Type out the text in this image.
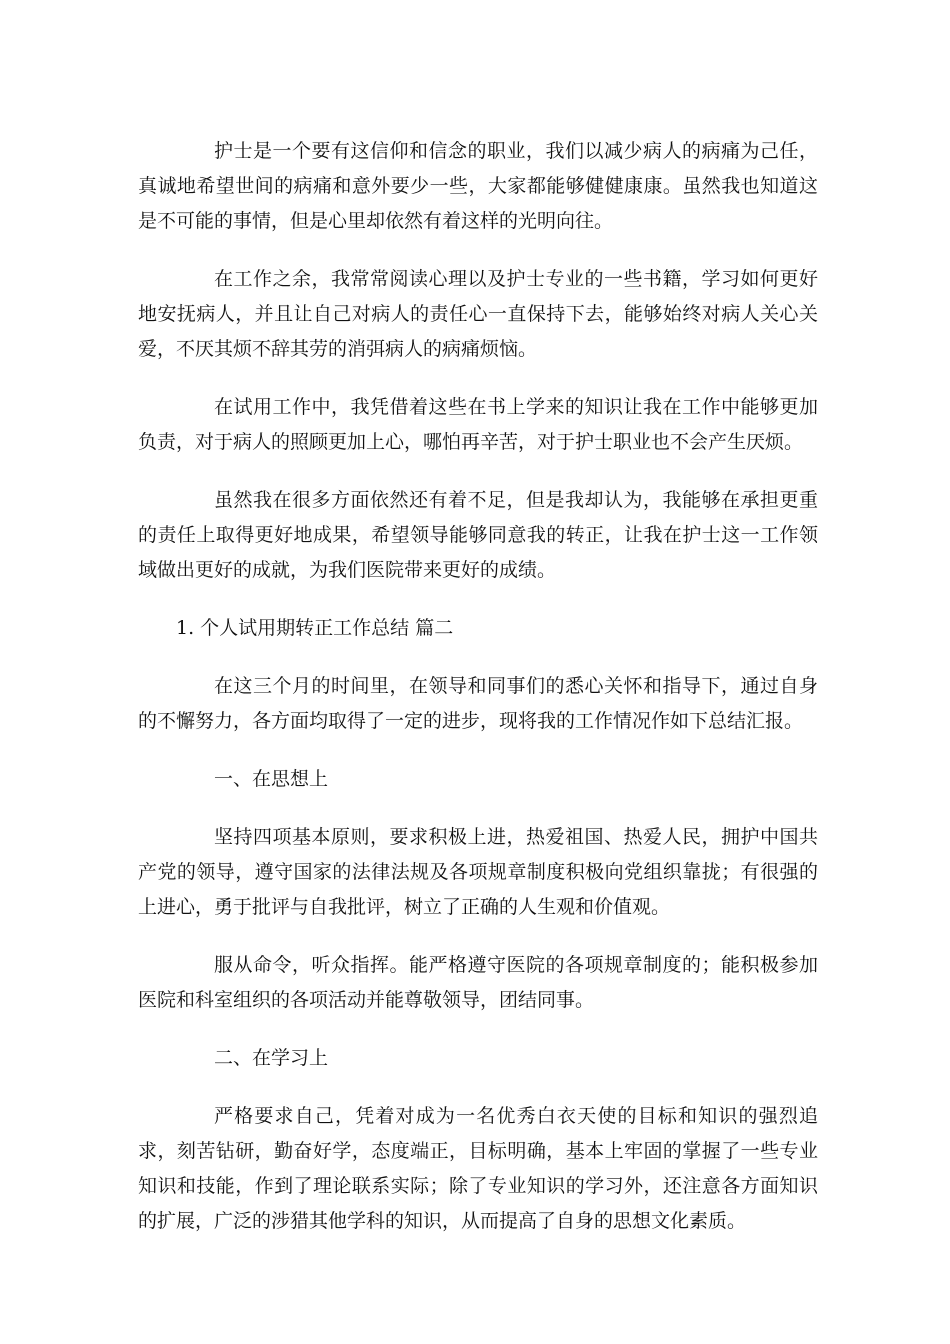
护士是一个要有这信仰和信念的职业，我们以减少病人的病痛为己任，真诚地希望世间的病痛和意外要少一些，大家都能够健健康康。虽然我也知道这是不可能的事情，但是心里却依然有着这样的光明向往。

在工作之余，我常常阅读心理以及护士专业的一些书籍，学习如何更好地安抚病人，并且让自己对病人的责任心一直保持下去，能够始终对病人关心关爱，不厌其烦不辞其劳的消弭病人的病痛烦恼。

在试用工作中，我凭借着这些在书上学来的知识让我在工作中能够更加负责，对于病人的照顾更加上心，哪怕再辛苦，对于护士职业也不会产生厌烦。

虽然我在很多方面依然还有着不足，但是我却认为，我能够在承担更重的责任上取得更好地成果，希望领导能够同意我的转正，让我在护士这一工作领域做出更好的成就，为我们医院带来更好的成绩。

1. 个人试用期转正工作总结 篇二

在这三个月的时间里，在领导和同事们的悉心关怀和指导下，通过自身的不懈努力，各方面均取得了一定的进步，现将我的工作情况作如下总结汇报。

一、在思想上

坚持四项基本原则，要求积极上进，热爱祖国、热爱人民，拥护中国共产党的领导，遵守国家的法律法规及各项规章制度积极向党组织靠拢；有很强的上进心，勇于批评与自我批评，树立了正确的人生观和价值观。

服从命令，听众指挥。能严格遵守医院的各项规章制度的；能积极参加医院和科室组织的各项活动并能尊敬领导，团结同事。

二、在学习上

严格要求自己，凭着对成为一名优秀白衣天使的目标和知识的强烈追求，刻苦钻研，勤奋好学，态度端正，目标明确，基本上牢固的掌握了一些专业知识和技能，作到了理论联系实际；除了专业知识的学习外，还注意各方面知识的扩展，广泛的涉猎其他学科的知识，从而提高了自身的思想文化素质。
